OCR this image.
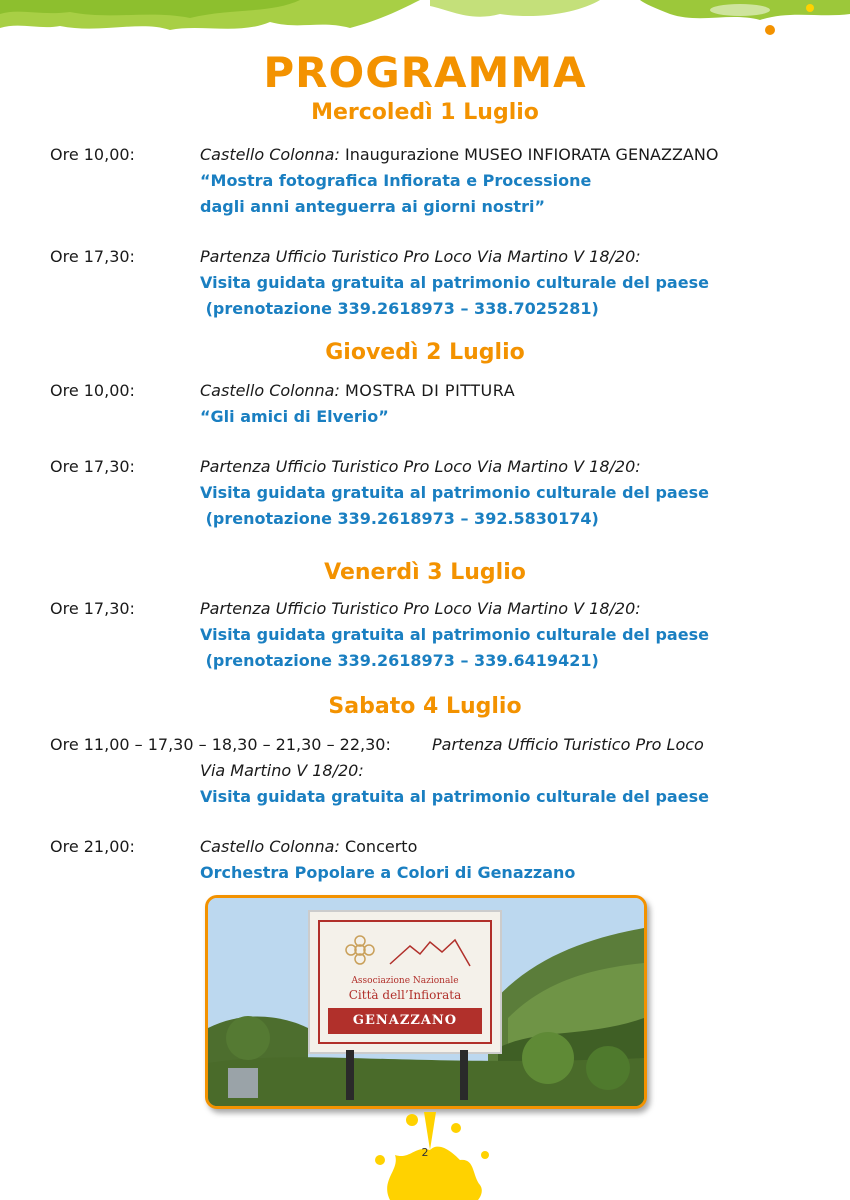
PROGRAMMA
Mercoledì 1 Luglio
Ore 10,00:	Castello Colonna: Inaugurazione MUSEO INFIORATA GENAZZANO
“Mostra fotografica Infiorata e Processione
dagli anni anteguerra ai giorni nostri”
Ore 17,30:	Partenza Ufficio Turistico Pro Loco Via Martino V 18/20:
Visita guidata gratuita al patrimonio culturale del paese
(prenotazione 339.2618973 – 338.7025281)
Giovedì 2 Luglio
Ore 10,00:	Castello Colonna: MOSTRA DI PITTURA
“Gli amici di Elverio”
Ore 17,30:	Partenza Ufficio Turistico Pro Loco Via Martino V 18/20:
Visita guidata gratuita al patrimonio culturale del paese
(prenotazione 339.2618973 – 392.5830174)
Venerdì 3 Luglio
Ore 17,30:	Partenza Ufficio Turistico Pro Loco Via Martino V 18/20:
Visita guidata gratuita al patrimonio culturale del paese
(prenotazione 339.2618973 – 339.6419421)
Sabato 4 Luglio
Ore 11,00 – 17,30 – 18,30 – 21,30 – 22,30:	Partenza Ufficio Turistico Pro Loco
Via Martino V 18/20:
Visita guidata gratuita al patrimonio culturale del paese
Ore 21,00:	Castello Colonna: Concerto
Orchestra Popolare a Colori di Genazzano
Associazione Nazionale
Città dell’Infiorata
GENAZZANO
2
